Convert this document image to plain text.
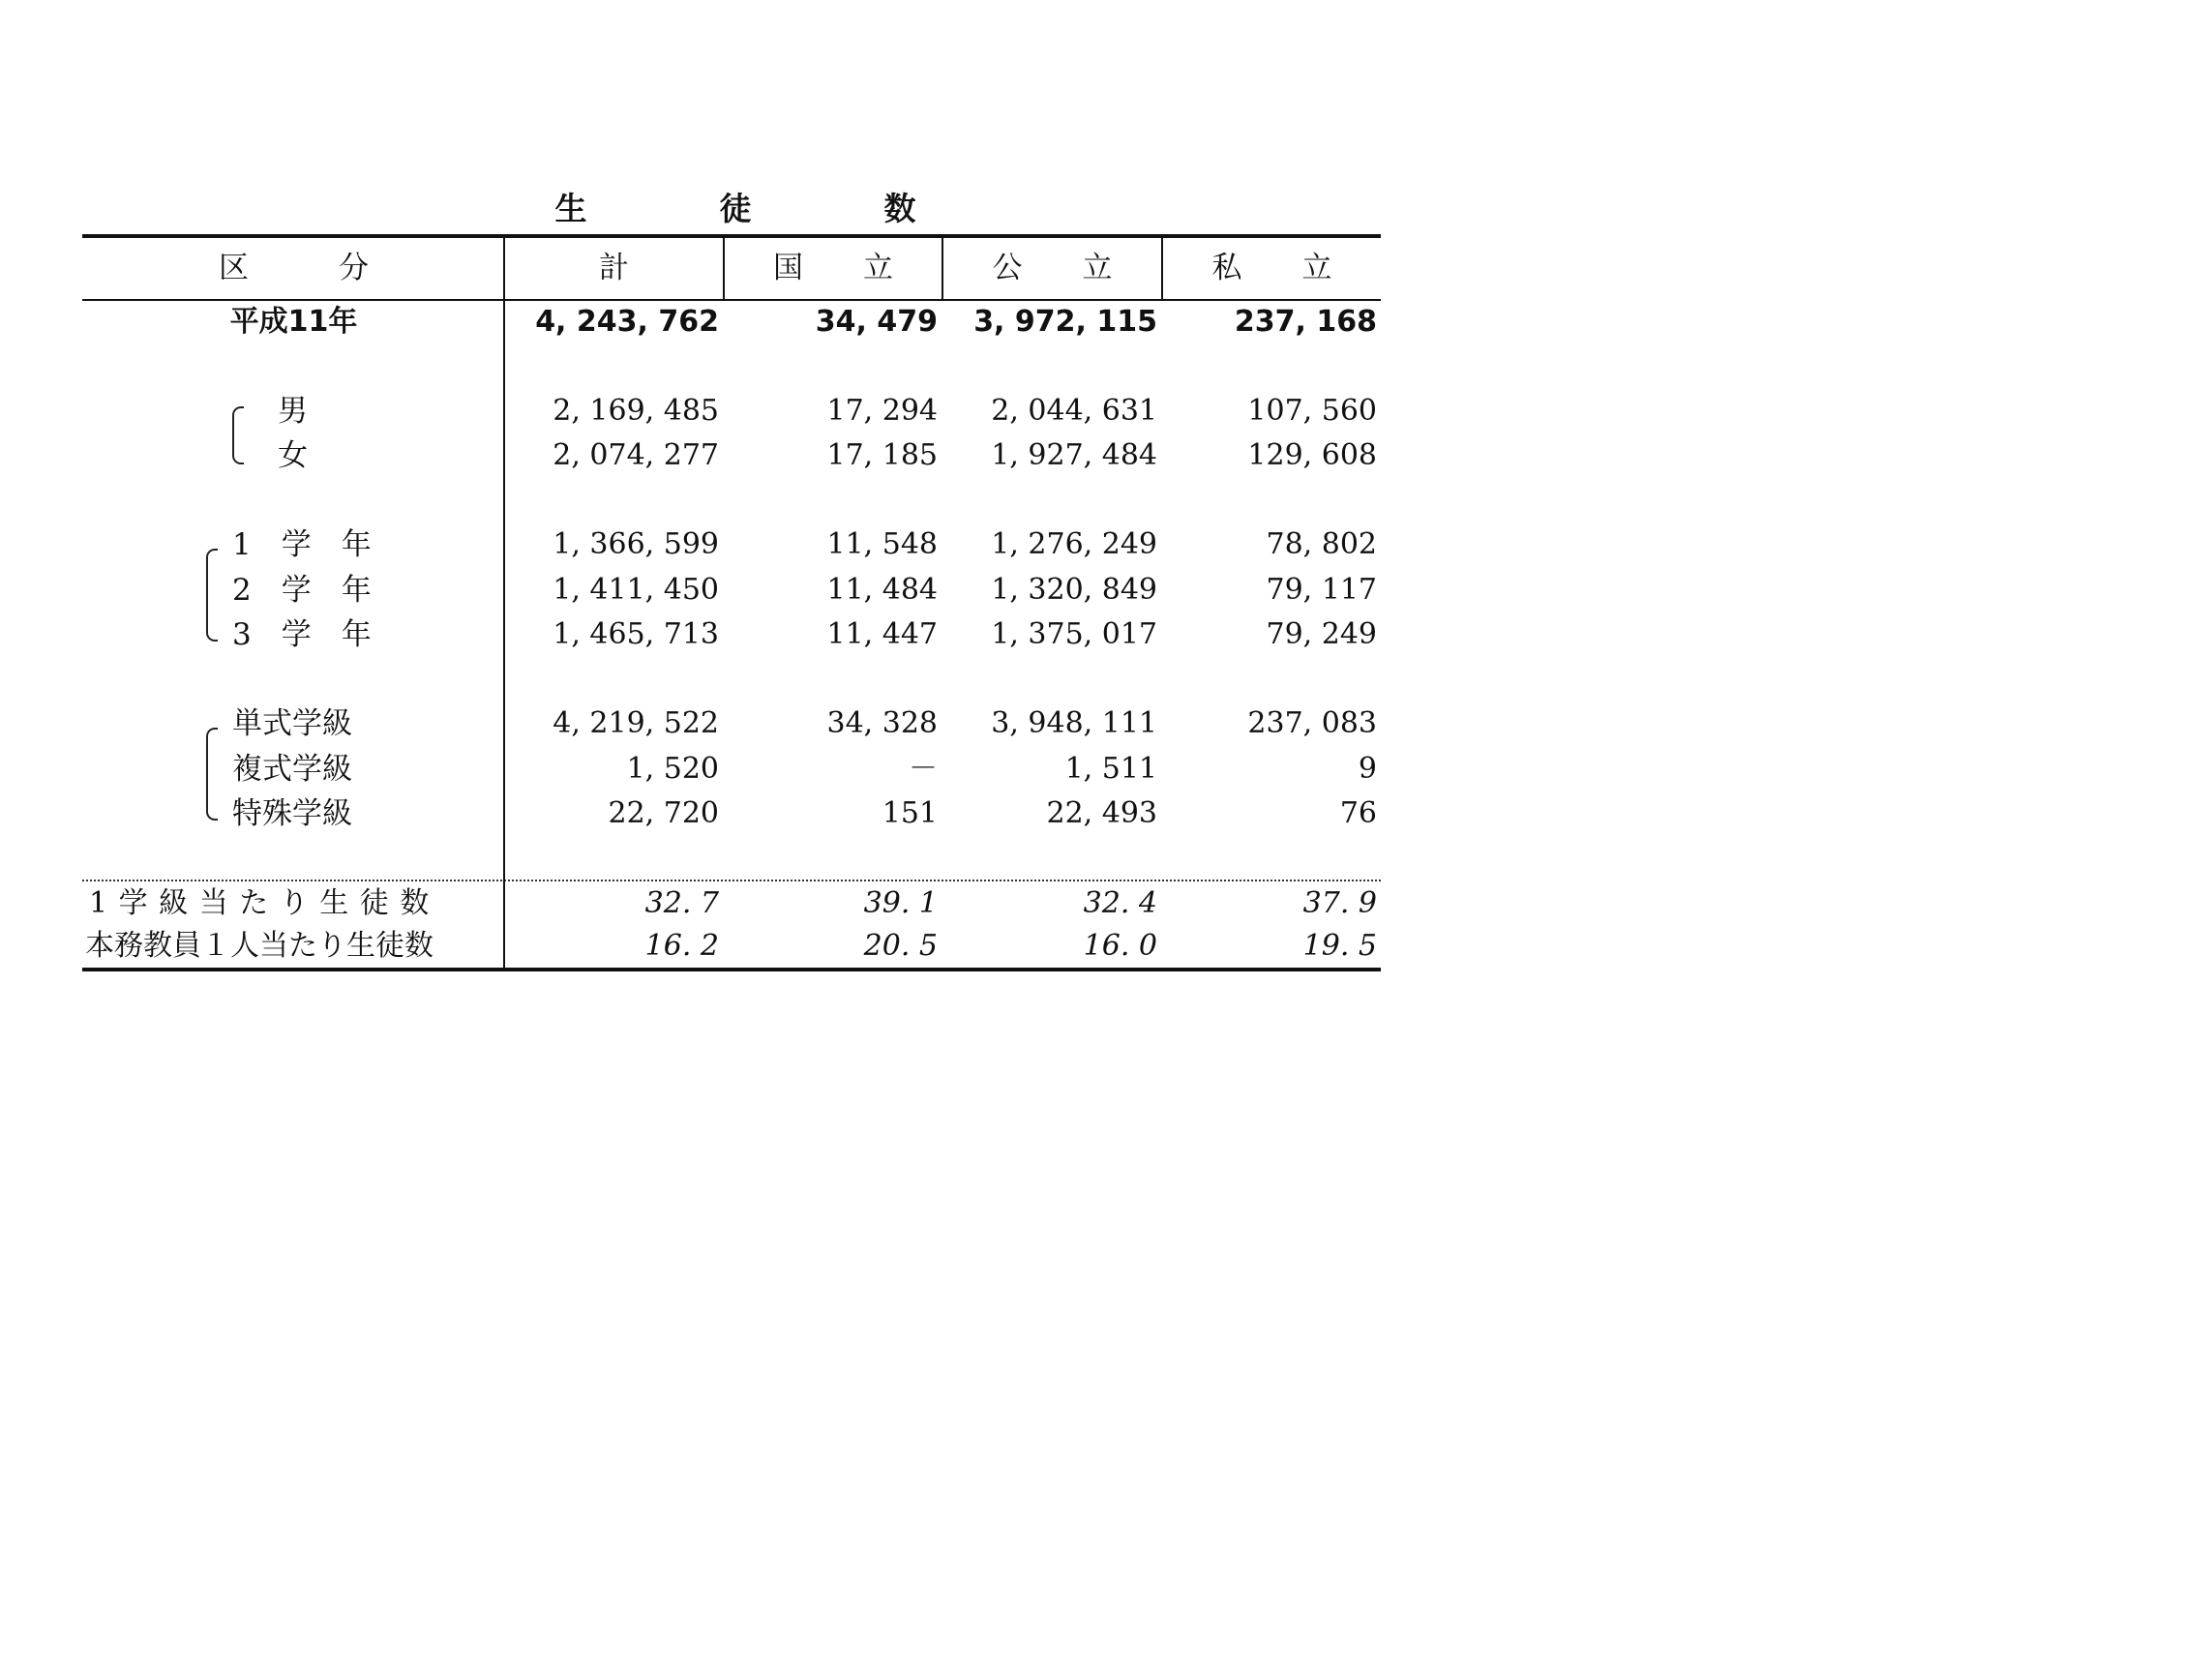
生	徒	数
区　　　分	計	国　　立	公　　立	私　　立
平成11年	4, 243, 762	34, 479	3, 972, 115	237, 168
男	2, 169, 485	17, 294	2, 044, 631	107, 560
女	2, 074, 277	17, 185	1, 927, 484	129, 608
1　学　年	1, 366, 599	11, 548	1, 276, 249	78, 802
2　学　年	1, 411, 450	11, 484	1, 320, 849	79, 117
3　学　年	1, 465, 713	11, 447	1, 375, 017	79, 249
単式学級	4, 219, 522	34, 328	3, 948, 111	237, 083
複式学級	1, 520	－	1, 511	9
特殊学級	22, 720	151	22, 493	76
1 学 級 当 た り 生 徒 数	32. 7	39. 1	32. 4	37. 9
本務教員１人当たり生徒数	16. 2	20. 5	16. 0	19. 5
